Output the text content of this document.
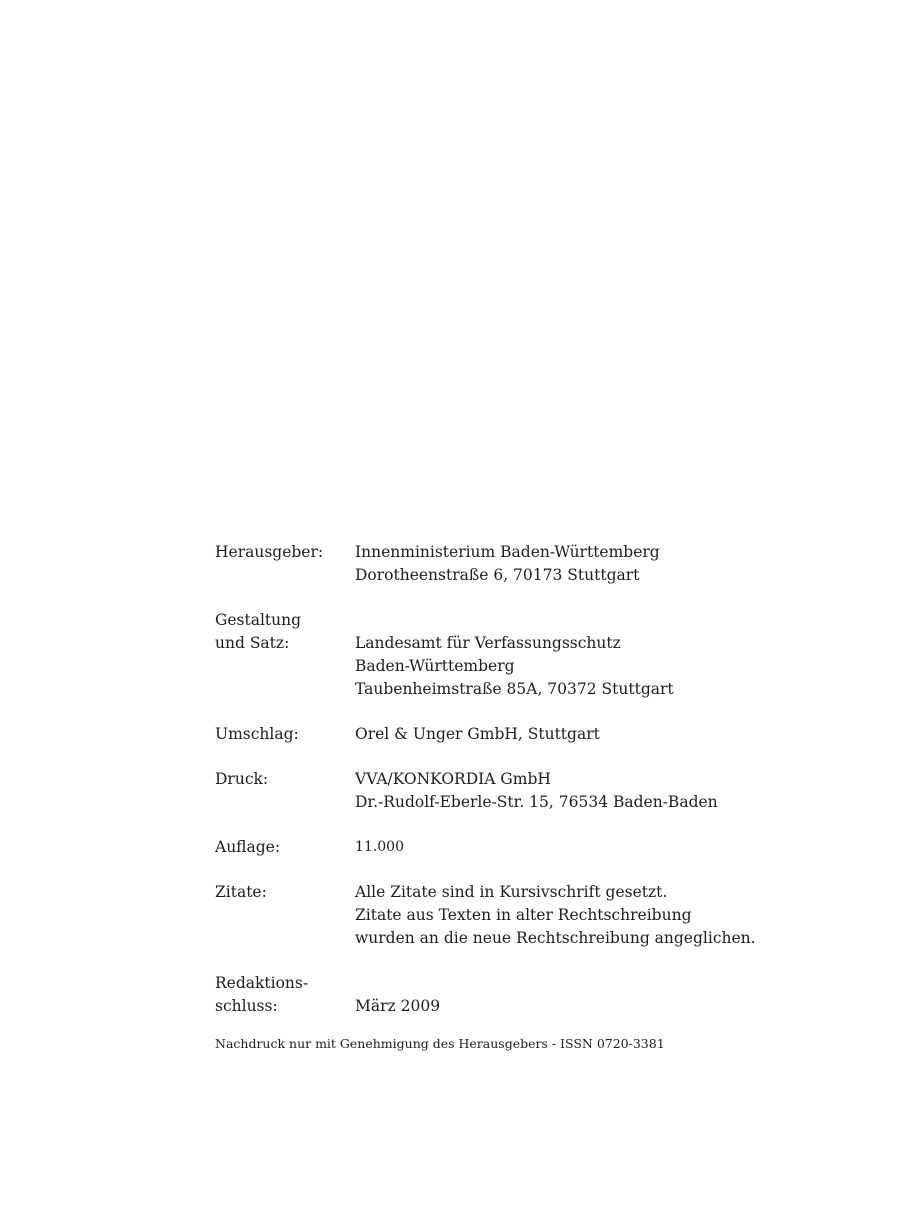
Herausgeber:	Innenministerium Baden-Württemberg
Dorotheenstraße 6, 70173 Stuttgart
Gestaltung
und Satz:	Landesamt für Verfassungsschutz
Baden-Württemberg
Taubenheimstraße 85A, 70372 Stuttgart
Umschlag:	Orel & Unger GmbH, Stuttgart
Druck:	VVA/KONKORDIA GmbH
Dr.-Rudolf-Eberle-Str. 15, 76534 Baden-Baden
Auflage:	11.000
Zitate:	Alle Zitate sind in Kursivschrift gesetzt.
Zitate aus Texten in alter Rechtschreibung
wurden an die neue Rechtschreibung angeglichen.
Redaktions-
schluss:	März 2009
Nachdruck nur mit Genehmigung des Herausgebers - ISSN 0720-3381
